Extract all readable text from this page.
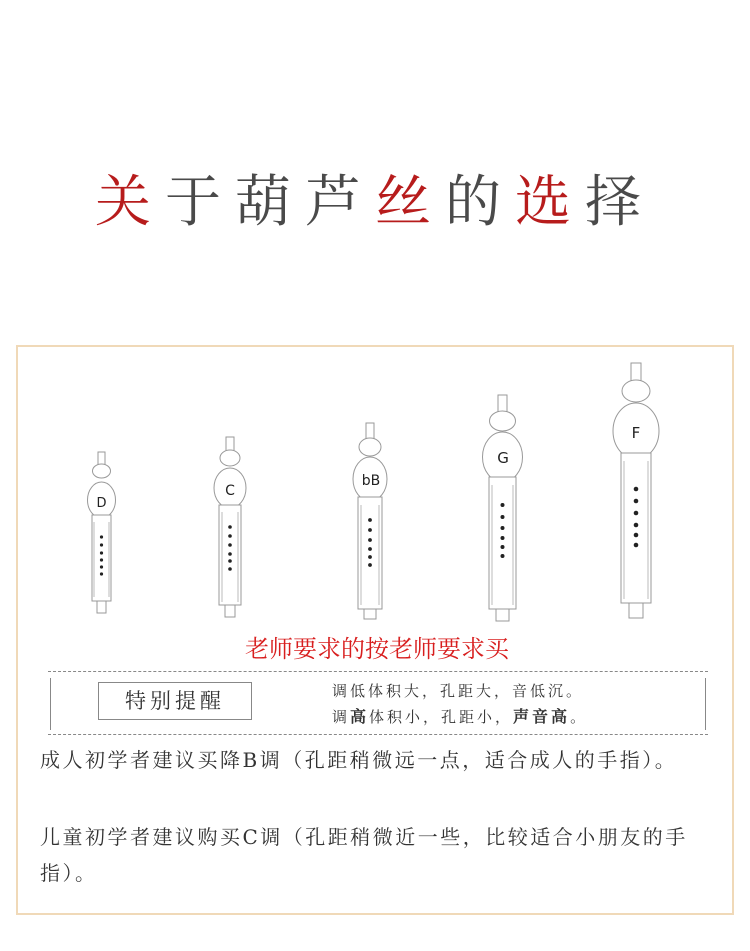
关于葫芦丝的选择
D
C
bB
G
F
老师要求的按老师要求买
特别提醒	调低体积大，孔距大，音低沉。
调高体积小，孔距小，声音高。
成人初学者建议买降B调（孔距稍微远一点，适合成人的手指）。
儿童初学者建议购买C调（孔距稍微近一些，比较适合小朋友的手指）。
